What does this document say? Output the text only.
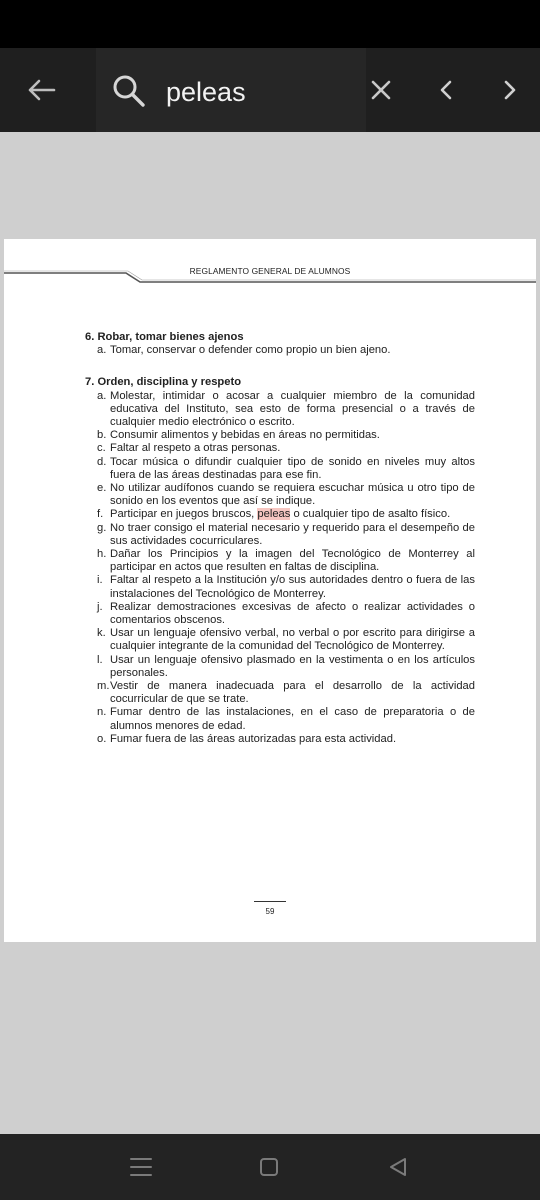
peleas
REGLAMENTO GENERAL DE ALUMNOS

6. Robar, tomar bienes ajenos

a. Tomar, conservar o defender como propio un bien ajeno.

7. Orden, disciplina y respeto

a. Molestar, intimidar o acosar a cualquier miembro de la comunidad educativa del Instituto, sea esto de forma presencial o a través de cualquier medio electrónico o escrito.
b. Consumir alimentos y bebidas en áreas no permitidas.
c. Faltar al respeto a otras personas.
d. Tocar música o difundir cualquier tipo de sonido en niveles muy altos fuera de las áreas destinadas para ese fin.
e. No utilizar audífonos cuando se requiera escuchar música u otro tipo de sonido en los eventos que así se indique.
f. Participar en juegos bruscos, peleas o cualquier tipo de asalto físico.
g. No traer consigo el material necesario y requerido para el desempeño de sus actividades cocurriculares.
h. Dañar los Principios y la imagen del Tecnológico de Monterrey al participar en actos que resulten en faltas de disciplina.
i. Faltar al respeto a la Institución y/o sus autoridades dentro o fuera de las instalaciones del Tecnológico de Monterrey.
j. Realizar demostraciones excesivas de afecto o realizar actividades o comentarios obscenos.
k. Usar un lenguaje ofensivo verbal, no verbal o por escrito para dirigirse a cualquier integrante de la comunidad del Tecnológico de Monterrey.
l. Usar un lenguaje ofensivo plasmado en la vestimenta o en los artículos personales.
m. Vestir de manera inadecuada para el desarrollo de la actividad cocurricular de que se trate.
n. Fumar dentro de las instalaciones, en el caso de preparatoria o de alumnos menores de edad.
o. Fumar fuera de las áreas autorizadas para esta actividad.
59
